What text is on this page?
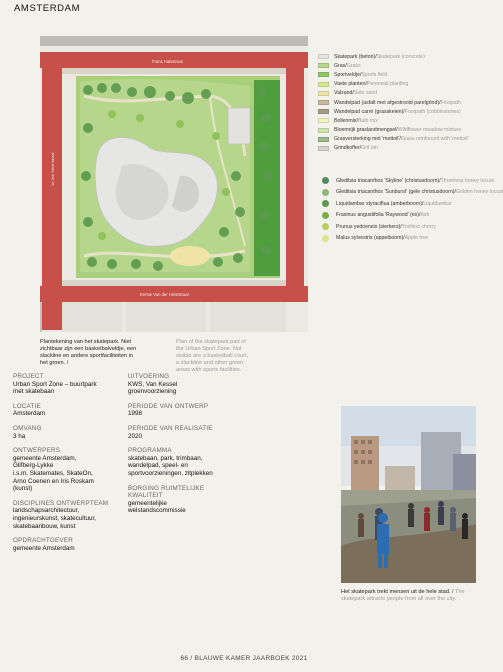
AMSTERDAM
Frans Halsstraat
Eerste Van der Helststraat
1e Jan Steenstraat
Skatepark (beton) / Skatepark (concrete)
Gras / Grass
Sportveldje / Sports field
Vaste planten / Perennial planting
Valzand / Safe sand
Wandelpad (asfalt met afgestrooid parelgrind) / Footpath
Wandelpad carré (grasskeien) / Footpath (cobblestones)
Bollenmix / Bulb mix
Bloemrijk graslandmengsel / Wildflower meadow mixture
Grasversterking met 'mettoil' / Grass reinforced with 'mettoil'
Grindkoffer / Grit bin
Gleditsia triacanthos 'Skyline' (christusdoorn) / Thornless honey locust
Gleditsia triacanthos 'Sunburst' (gele christusdoorn) / Golden honey locust
Liquidambar styraciflua (amberboom) / Liquidambar
Fraxinus angustifolia 'Raywood' (es) / Ash
Prunus yedoensis (sierkers) / Yoshino cherry
Malus sylvestris (appelboom) / Apple tree
Plantekening van het skatepark. Niet zichtbaar zijn een basketbalveldje, een slackline en andere sportfaciliteiten in het groen. /
Plan of the skatepark part of the Urban Sport Zone. Not visible are a basketball court, a slackline and other green areas with sports facilities.
PROJECT
Urban Sport Zone – buurtpark
met skatebaan
LOCATIE
Amsterdam
OMVANG
3 ha
ONTWERPERS
gemeente Amsterdam,
Glifberg-Lykke
i.s.m. Skatemates, SkateOn,
Arno Coenen en Iris Roskam
(kunst)
DISCIPLINES ONTWERPTEAM
landschapsarchitectuur,
ingenieurskunst, skatecultuur,
skatebaanbouw, kunst
OPDRACHTGEVER
gemeente Amsterdam
UITVOERING
KWS, Van Kessel
groenvoorziening
PERIODE VAN ONTWERP
1998
PERIODE VAN REALISATIE
2020
PROGRAMMA
skatebaan, park, trimbaan,
wandelpad, speel- en
sportvoorzieningen, zitplekken
BORGING RUIMTELIJKE KWALITEIT
gemeentelijke
welstandscommissie
Het skatepark trekt mensen uit de hele stad. / The skatepark attracts people from all over the city.
66 / BLAUWE KAMER JAARBOEK 2021
